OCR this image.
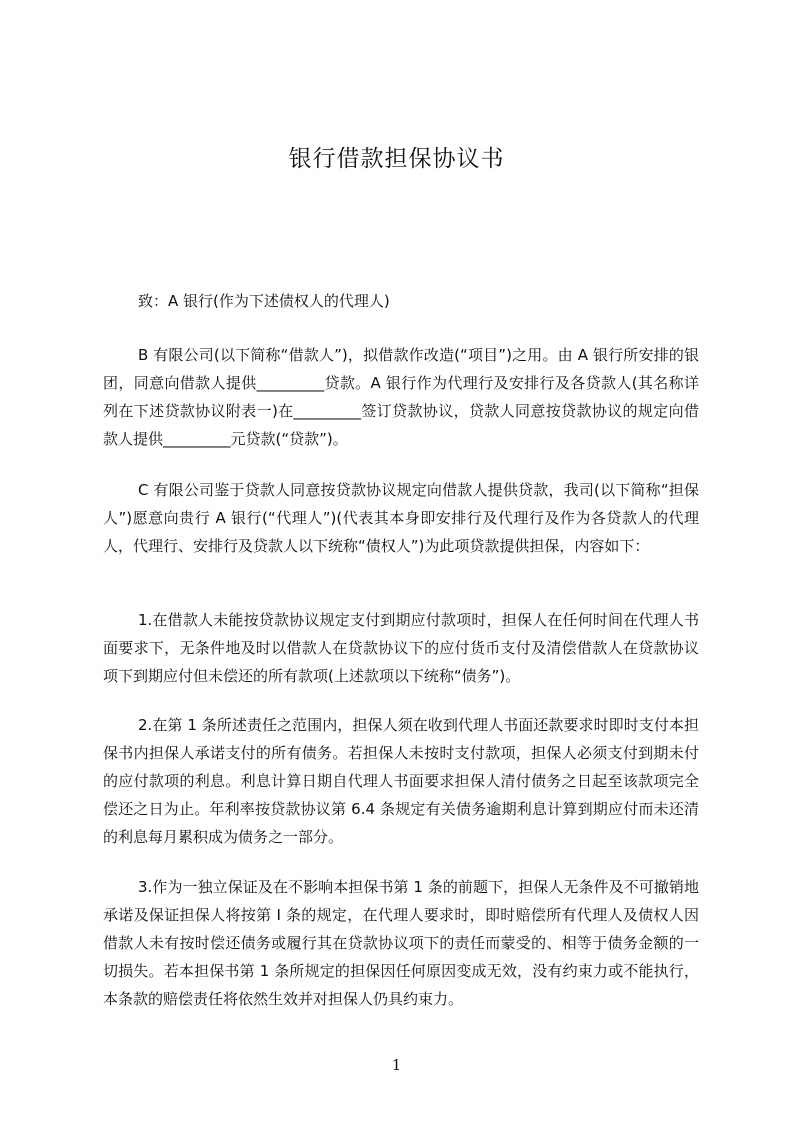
银行借款担保协议书
致：A 银行(作为下述债权人的代理人)

B 有限公司(以下简称“借款人”)，拟借款作改造(“项目”)之用。由 A 银行所安排的银团，同意向借款人提供_________贷款。A 银行作为代理行及安排行及各贷款人(其名称详列在下述贷款协议附表一)在_________签订贷款协议，贷款人同意按贷款协议的规定向借款人提供_________元贷款(“贷款”)。

C 有限公司鉴于贷款人同意按贷款协议规定向借款人提供贷款，我司(以下简称“担保人”)愿意向贵行 A 银行(“代理人”)(代表其本身即安排行及代理行及作为各贷款人的代理人，代理行、安排行及贷款人以下统称“债权人”)为此项贷款提供担保，内容如下：

1.在借款人未能按贷款协议规定支付到期应付款项时，担保人在任何时间在代理人书面要求下，无条件地及时以借款人在贷款协议下的应付货币支付及清偿借款人在贷款协议项下到期应付但未偿还的所有款项(上述款项以下统称“债务”)。

2.在第 1 条所述责任之范围内，担保人须在收到代理人书面还款要求时即时支付本担保书内担保人承诺支付的所有债务。若担保人未按时支付款项，担保人必须支付到期未付的应付款项的利息。利息计算日期自代理人书面要求担保人清付债务之日起至该款项完全偿还之日为止。年利率按贷款协议第 6.4 条规定有关债务逾期利息计算到期应付而未还清的利息每月累积成为债务之一部分。

3.作为一独立保证及在不影响本担保书第 1 条的前题下，担保人无条件及不可撤销地承诺及保证担保人将按第 I 条的规定，在代理人要求时，即时赔偿所有代理人及债权人因借款人未有按时偿还债务或履行其在贷款协议项下的责任而蒙受的、相等于债务金额的一切损失。若本担保书第 1 条所规定的担保因任何原因变成无效，没有约束力或不能执行，本条款的赔偿责任将依然生效并对担保人仍具约束力。

1
